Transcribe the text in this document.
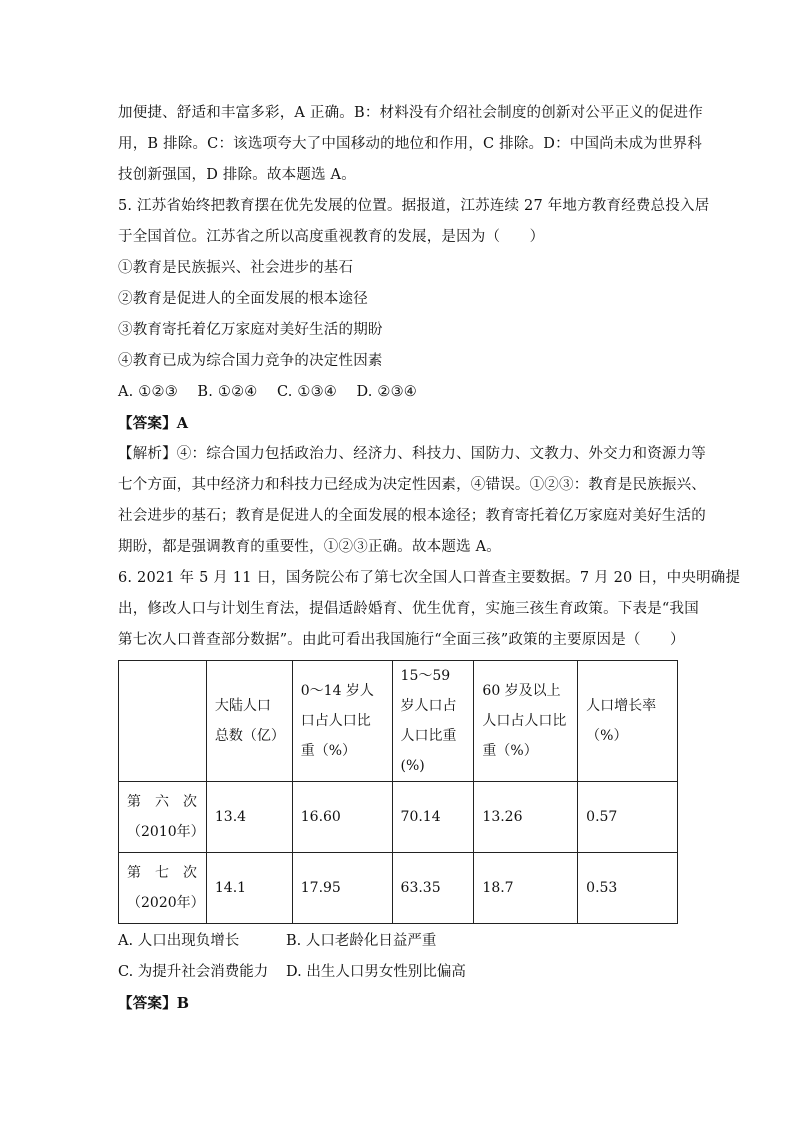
加便捷、舒适和丰富多彩，A 正确。B：材料没有介绍社会制度的创新对公平正义的促进作
用，B 排除。C：该选项夸大了中国移动的地位和作用，C 排除。D：中国尚未成为世界科
技创新强国，D 排除。故本题选 A。
5. 江苏省始终把教育摆在优先发展的位置。据报道，江苏连续 27 年地方教育经费总投入居
于全国首位。江苏省之所以高度重视教育的发展，是因为（　　）
①教育是民族振兴、社会进步的基石
②教育是促进人的全面发展的根本途径
③教育寄托着亿万家庭对美好生活的期盼
④教育已成为综合国力竞争的决定性因素
A. ①②③　 B. ①②④　 C. ①③④　 D. ②③④
【答案】A
【解析】④：综合国力包括政治力、经济力、科技力、国防力、文教力、外交力和资源力等
七个方面，其中经济力和科技力已经成为决定性因素，④错误。①②③：教育是民族振兴、
社会进步的基石；教育是促进人的全面发展的根本途径；教育寄托着亿万家庭对美好生活的
期盼，都是强调教育的重要性，①②③正确。故本题选 A。
6. 2021 年 5 月 11 日，国务院公布了第七次全国人口普查主要数据。7 月 20 日，中央明确提
出，修改人口与计划生育法，提倡适龄婚育、优生优育，实施三孩生育政策。下表是“我国
第七次人口普查部分数据”。由此可看出我国施行“全面三孩”政策的主要原因是（　　）
	大陆人口总数（亿）	0～14 岁人口占人口比重（%）	15～59 岁人口占人口比重(%)	60 岁及以上人口占人口比重（%）	人口增长率（%）
第　六　次（2010年）	13.4	16.60	70.14	13.26	0.57
第　七　次（2020年）	14.1	17.95	63.35	18.7	0.53
A. 人口出现负增长	B. 人口老龄化日益严重
C. 为提升社会消费能力	D. 出生人口男女性别比偏高
【答案】B
